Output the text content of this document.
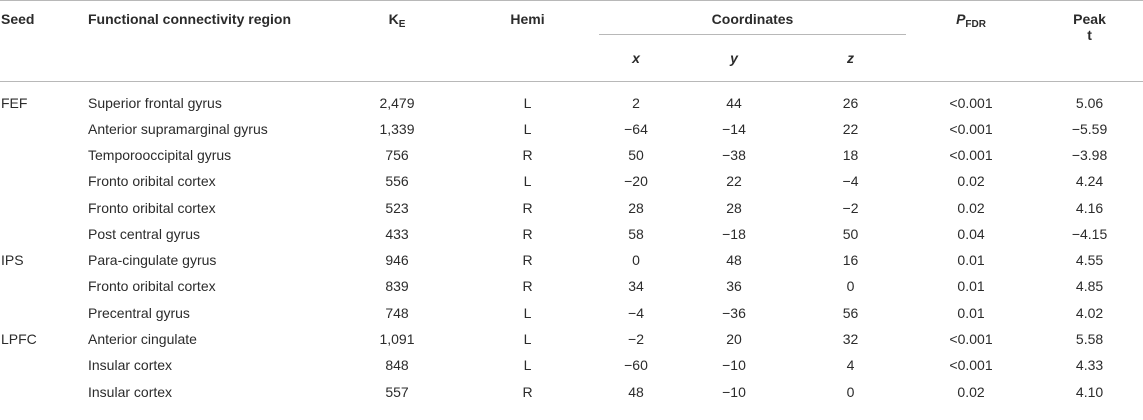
Seed	Functional connectivity region	$K_E$	Hemi	Coordinates			$P_{FDR}$	Peak
t
				x	y	z		
FEF	Superior frontal gyrus	2,479	L	2	44	26	<0.001	5.06
	Anterior supramarginal gyrus	1,339	L	−64	−14	22	<0.001	−5.59
	Temporooccipital gyrus	756	R	50	−38	18	<0.001	−3.98
	Fronto oribital cortex	556	L	−20	22	−4	0.02	4.24
	Fronto oribital cortex	523	R	28	28	−2	0.02	4.16
	Post central gyrus	433	R	58	−18	50	0.04	−4.15
IPS	Para-cingulate gyrus	946	R	0	48	16	0.01	4.55
	Fronto oribital cortex	839	R	34	36	0	0.01	4.85
	Precentral gyrus	748	L	−4	−36	56	0.01	4.02
LPFC	Anterior cingulate	1,091	L	−2	20	32	<0.001	5.58
	Insular cortex	848	L	−60	−10	4	<0.001	4.33
	Insular cortex	557	R	48	−10	0	0.02	4.10
